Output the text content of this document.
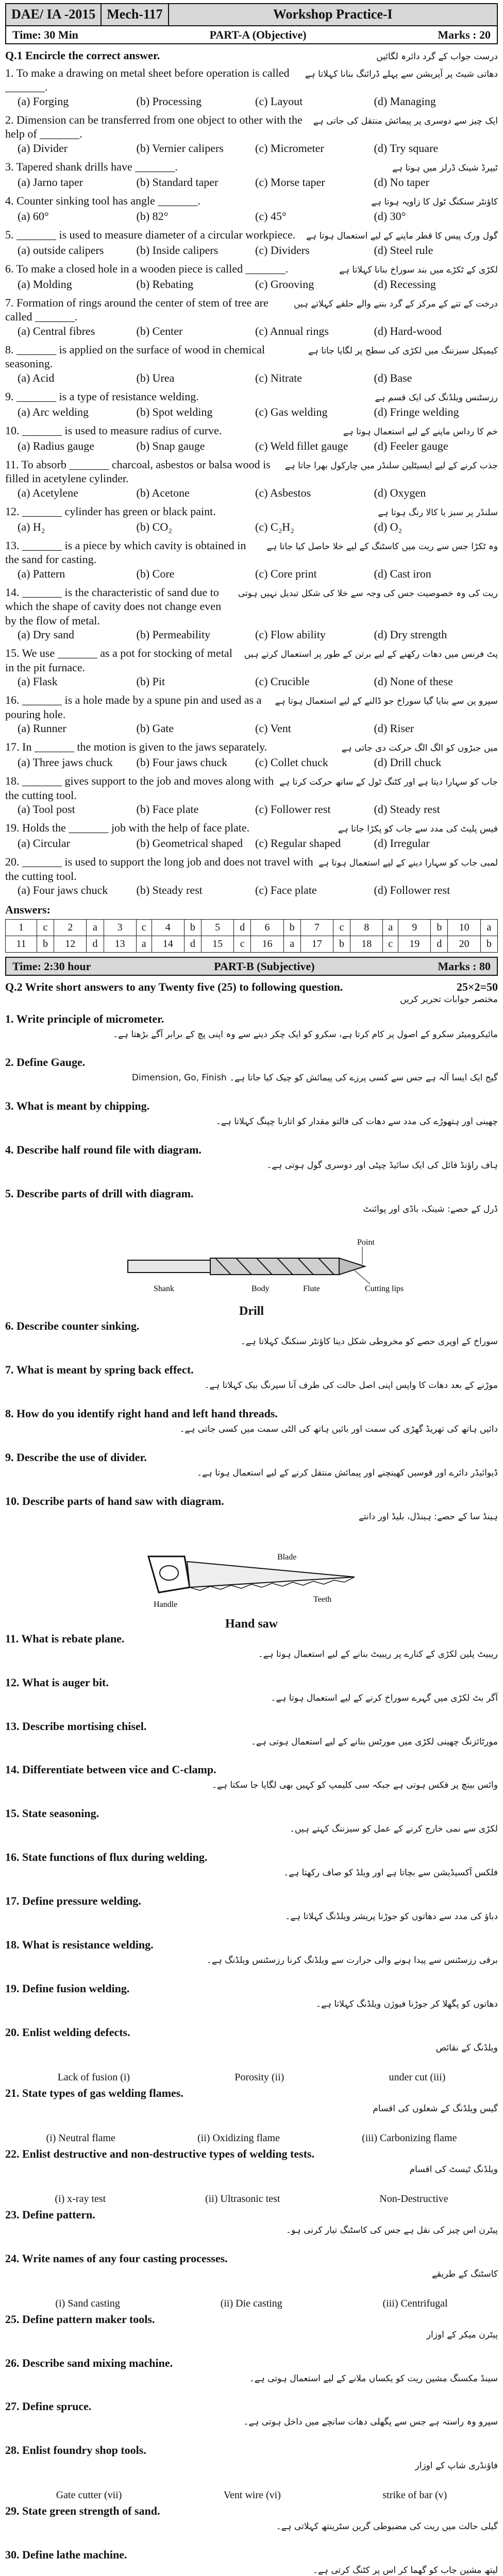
DAE/ IA -2015 Mech-117	Workshop Practice-I
Time: 30 Min	PART-A (Objective)	Marks : 20
Q.1 Encircle the correct answer.	درست جواب کے گرد دائرہ لگائیں
1. To make a drawing on metal sheet before operation is called _______.
دھاتی شیٹ پر آپریشن سے پہلے ڈرائنگ بنانا کہلاتا ہے
(a) Forging	(b) Processing	(c) Layout	(d) Managing
2. Dimension can be transferred from one object to other with the help of _______.
ایک چیز سے دوسری پر پیمائش منتقل کی جاتی ہے
(a) Divider	(b) Vernier calipers	(c) Micrometer	(d) Try square
3. Tapered shank drills have _______.	ٹیپرڈ شینک ڈرلز میں ہوتا ہے
(a) Jarno taper	(b) Standard taper	(c) Morse taper	(d) No taper
4. Counter sinking tool has angle _______.	کاؤنٹر سنکنگ ٹول کا زاویہ ہوتا ہے
(a) 60°	(b) 82°	(c) 45°	(d) 30°
5. _______ is used to measure diameter of a circular workpiece.	گول ورک پیس کا قطر ماپنے کے لیے استعمال ہوتا ہے
(a) outside calipers	(b) Inside calipers	(c) Dividers	(d) Steel rule
6. To make a closed hole in a wooden piece is called _______.	لکڑی کے ٹکڑے میں بند سوراخ بنانا کہلاتا ہے
(a) Molding	(b) Rebating	(c) Grooving	(d) Recessing
7. Formation of rings around the center of stem of tree are called _______.
درخت کے تنے کے مرکز کے گرد بننے والے حلقے کہلاتے ہیں
(a) Central fibres	(b) Center	(c) Annual rings	(d) Hard-wood
8. _______ is applied on the surface of wood in chemical seasoning.
کیمیکل سیزننگ میں لکڑی کی سطح پر لگایا جاتا ہے
(a) Acid	(b) Urea	(c) Nitrate	(d) Base
9. _______ is a type of resistance welding.	رزسٹنس ویلڈنگ کی ایک قسم ہے
(a) Arc welding	(b) Spot welding	(c) Gas welding	(d) Fringe welding
10. _______ is used to measure radius of curve.	خم کا رداس ماپنے کے لیے استعمال ہوتا ہے
(a) Radius gauge	(b) Snap gauge	(c) Weld fillet gauge	(d) Feeler gauge
11. To absorb _______ charcoal, asbestos or balsa wood is filled in acetylene cylinder.
جذب کرنے کے لیے ایسیٹلین سلنڈر میں چارکول بھرا جاتا ہے
(a) Acetylene	(b) Acetone	(c) Asbestos	(d) Oxygen
12. _______ cylinder has green or black paint.	سلنڈر پر سبز یا کالا رنگ ہوتا ہے
(a) H₂	(b) CO₂	(c) C₂H₂	(d) O₂
13. _______ is a piece by which cavity is obtained in the sand for casting.
وہ ٹکڑا جس سے ریت میں کاسٹنگ کے لیے خلا حاصل کیا جاتا ہے
(a) Pattern	(b) Core	(c) Core print	(d) Cast iron
14. _______ is the characteristic of sand due to which the shape of cavity does not change even by the flow of metal.
ریت کی وہ خصوصیت جس کی وجہ سے خلا کی شکل تبدیل نہیں ہوتی
(a) Dry sand	(b) Permeability	(c) Flow ability	(d) Dry strength
15. We use _______ as a pot for stocking of metal in the pit furnace.
پٹ فرنس میں دھات رکھنے کے لیے برتن کے طور پر استعمال کرتے ہیں
(a) Flask	(b) Pit	(c) Crucible	(d) None of these
16. _______ is a hole made by a spune pin and used as a pouring hole.
سپرو پن سے بنایا گیا سوراخ جو ڈالنے کے لیے استعمال ہوتا ہے
(a) Runner	(b) Gate	(c) Vent	(d) Riser
17. In _______ the motion is given to the jaws separately.	میں جبڑوں کو الگ الگ حرکت دی جاتی ہے
(a) Three jaws chuck	(b) Four jaws chuck	(c) Collet chuck	(d) Drill chuck
18. _______ gives support to the job and moves along with the cutting tool.
جاب کو سہارا دیتا ہے اور کٹنگ ٹول کے ساتھ حرکت کرتا ہے
(a) Tool post	(b) Face plate	(c) Follower rest	(d) Steady rest
19. Holds the _______ job with the help of face plate.	فیس پلیٹ کی مدد سے جاب کو پکڑا جاتا ہے
(a) Circular	(b) Geometrical shaped	(c) Regular shaped	(d) Irregular
20. _______ is used to support the long job and does not travel with the cutting tool.
لمبی جاب کو سہارا دینے کے لیے استعمال ہوتا ہے
(a) Four jaws chuck	(b) Steady rest	(c) Face plate	(d) Follower rest
Answers:
1	c	2	a	3	c	4	b	5	d	6	b	7	c	8	a	9	b	10	a
11	b	12	d	13	a	14	d	15	c	16	a	17	b	18	c	19	d	20	b
Time: 2:30 hour	PART-B (Subjective)	Marks : 80
Q.2 Write short answers to any Twenty five (25) to following question.	25×2=50
مختصر جوابات تحریر کریں
1. Write principle of micrometer.
مائیکرومیٹر سکرو کے اصول پر کام کرتا ہے، سکرو کو ایک چکر دینے سے وہ اپنی پچ کے برابر آگے بڑھتا ہے۔
2. Define Gauge.
گیج ایک ایسا آلہ ہے جس سے کسی پرزے کی پیمائش کو چیک کیا جاتا ہے۔ Dimension, Go, Finish
3. What is meant by chipping.
چھینی اور ہتھوڑے کی مدد سے دھات کی فالتو مقدار کو اتارنا چپنگ کہلاتا ہے۔
4. Describe half round file with diagram.
ہاف راؤنڈ فائل کی ایک سائیڈ چپٹی اور دوسری گول ہوتی ہے۔
5. Describe parts of drill with diagram.
ڈرل کے حصے: شینک، باڈی اور پوائنٹ
Point
Cutting lips
Shank	Body	Flute
Drill
6. Describe counter sinking.
سوراخ کے اوپری حصے کو مخروطی شکل دینا کاؤنٹر سنکنگ کہلاتا ہے۔
7. What is meant by spring back effect.
موڑنے کے بعد دھات کا واپس اپنی اصل حالت کی طرف آنا سپرنگ بیک کہلاتا ہے۔
8. How do you identify right hand and left hand threads.
دائیں ہاتھ کی تھریڈ گھڑی کی سمت اور بائیں ہاتھ کی الٹی سمت میں کسی جاتی ہے۔
9. Describe the use of divider.
ڈیوائیڈر دائرے اور قوسیں کھینچنے اور پیمائش منتقل کرنے کے لیے استعمال ہوتا ہے۔
10. Describe parts of hand saw with diagram.
ہینڈ سا کے حصے: ہینڈل، بلیڈ اور دانتے
Handle
Blade
Teeth
Hand saw
11. What is rebate plane.
ریبیٹ پلین لکڑی کے کنارے پر ریبیٹ بنانے کے لیے استعمال ہوتا ہے۔
12. What is auger bit.
آگر بٹ لکڑی میں گہرے سوراخ کرنے کے لیے استعمال ہوتا ہے۔
13. Describe mortising chisel.
مورٹائزنگ چھینی لکڑی میں مورٹس بنانے کے لیے استعمال ہوتی ہے۔
14. Differentiate between vice and C-clamp.
وائس بینچ پر فکس ہوتی ہے جبکہ سی کلیمپ کو کہیں بھی لگایا جا سکتا ہے۔
15. State seasoning.
لکڑی سے نمی خارج کرنے کے عمل کو سیزننگ کہتے ہیں۔
16. State functions of flux during welding.
فلکس آکسیڈیشن سے بچاتا ہے اور ویلڈ کو صاف رکھتا ہے۔
17. Define pressure welding.
دباؤ کی مدد سے دھاتوں کو جوڑنا پریشر ویلڈنگ کہلاتا ہے۔
18. What is resistance welding.
برقی رزسٹنس سے پیدا ہونے والی حرارت سے ویلڈنگ کرنا رزسٹنس ویلڈنگ ہے۔
19. Define fusion welding.
دھاتوں کو پگھلا کر جوڑنا فیوژن ویلڈنگ کہلاتا ہے۔
20. Enlist welding defects.
ویلڈنگ کے نقائص
Lack of fusion (i)	Porosity (ii)	under cut (iii)
21. State types of gas welding flames.
گیس ویلڈنگ کے شعلوں کی اقسام
(i) Neutral flame	(ii) Oxidizing flame	(iii) Carbonizing flame
22. Enlist destructive and non-destructive types of welding tests.
ویلڈنگ ٹیسٹ کی اقسام
(i) x-ray test	(ii) Ultrasonic test	Non-Destructive
23. Define pattern.
پیٹرن اس چیز کی نقل ہے جس کی کاسٹنگ تیار کرنی ہو۔
24. Write names of any four casting processes.
کاسٹنگ کے طریقے
(i) Sand casting	(ii) Die casting	(iii) Centrifugal
25. Define pattern maker tools.
پیٹرن میکر کے اوزار
26. Describe sand mixing machine.
سینڈ مکسنگ مشین ریت کو یکساں ملانے کے لیے استعمال ہوتی ہے۔
27. Define spruce.
سپرو وہ راستہ ہے جس سے پگھلی دھات سانچے میں داخل ہوتی ہے۔
28. Enlist foundry shop tools.
فاؤنڈری شاپ کے اوزار
Gate cutter (vii)	Vent wire (vi)	strike of bar (v)
29. State green strength of sand.
گیلی حالت میں ریت کی مضبوطی گرین سٹرینتھ کہلاتی ہے۔
30. Define lathe machine.
لیتھ مشین جاب کو گھما کر اس پر کٹنگ کرتی ہے۔
